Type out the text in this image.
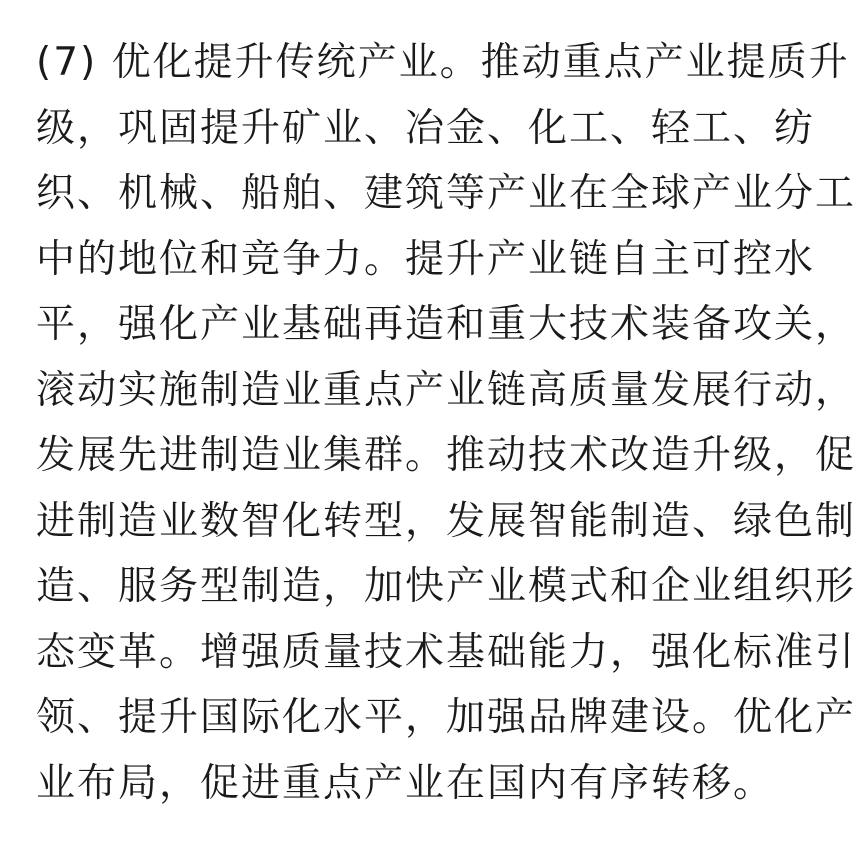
(7) 优化提升传统产业。推动重点产业提质升
级，巩固提升矿业、冶金、化工、轻工、纺
织、机械、船舶、建筑等产业在全球产业分工
中的地位和竞争力。提升产业链自主可控水
平，强化产业基础再造和重大技术装备攻关，
滚动实施制造业重点产业链高质量发展行动，
发展先进制造业集群。推动技术改造升级，促
进制造业数智化转型，发展智能制造、绿色制
造、服务型制造，加快产业模式和企业组织形
态变革。增强质量技术基础能力，强化标准引
领、提升国际化水平，加强品牌建设。优化产
业布局，促进重点产业在国内有序转移。
